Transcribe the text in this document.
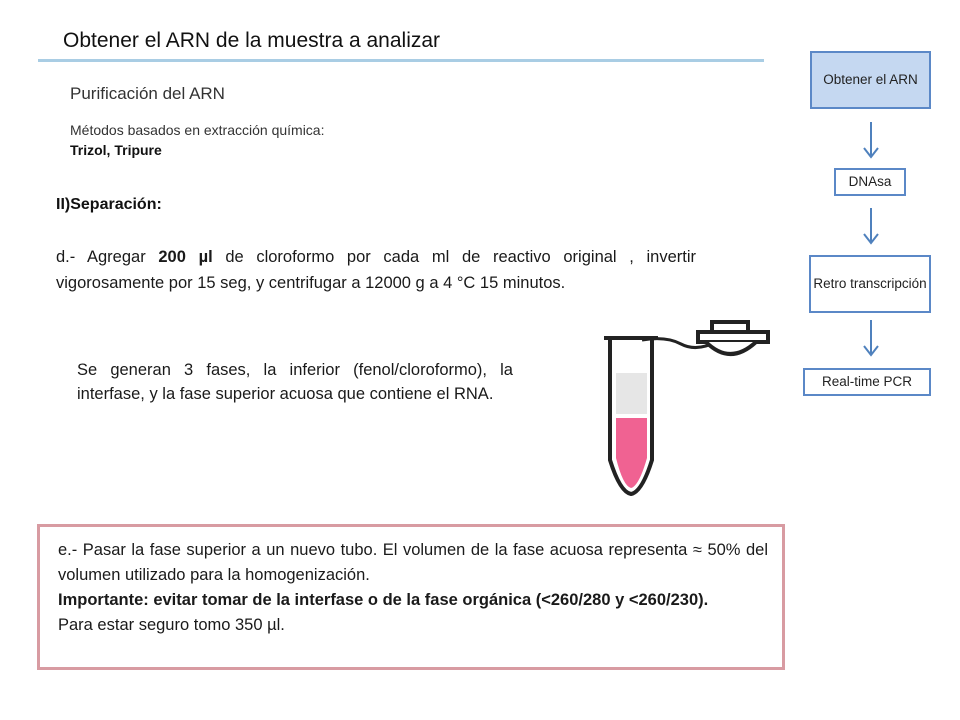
Obtener el ARN de la muestra a analizar
Purificación del ARN
Métodos basados en extracción química:
Trizol, Tripure
II)Separación:
d.- Agregar 200 µl de cloroformo por cada ml de reactivo original , invertir vigorosamente por 15 seg, y centrifugar a 12000 g a 4 °C 15 minutos.
Se generan 3 fases, la inferior (fenol/cloroformo), la interfase, y la fase superior acuosa que contiene el RNA.
e.- Pasar la fase superior a un nuevo tubo. El volumen de la fase acuosa representa ≈ 50% del volumen utilizado para la homogenización.
Importante: evitar tomar de la interfase o de la fase orgánica (<260/280 y <260/230).
Para estar seguro tomo 350 µl.
Obtener el ARN
DNAsa
Retro transcripción
Real-time PCR
